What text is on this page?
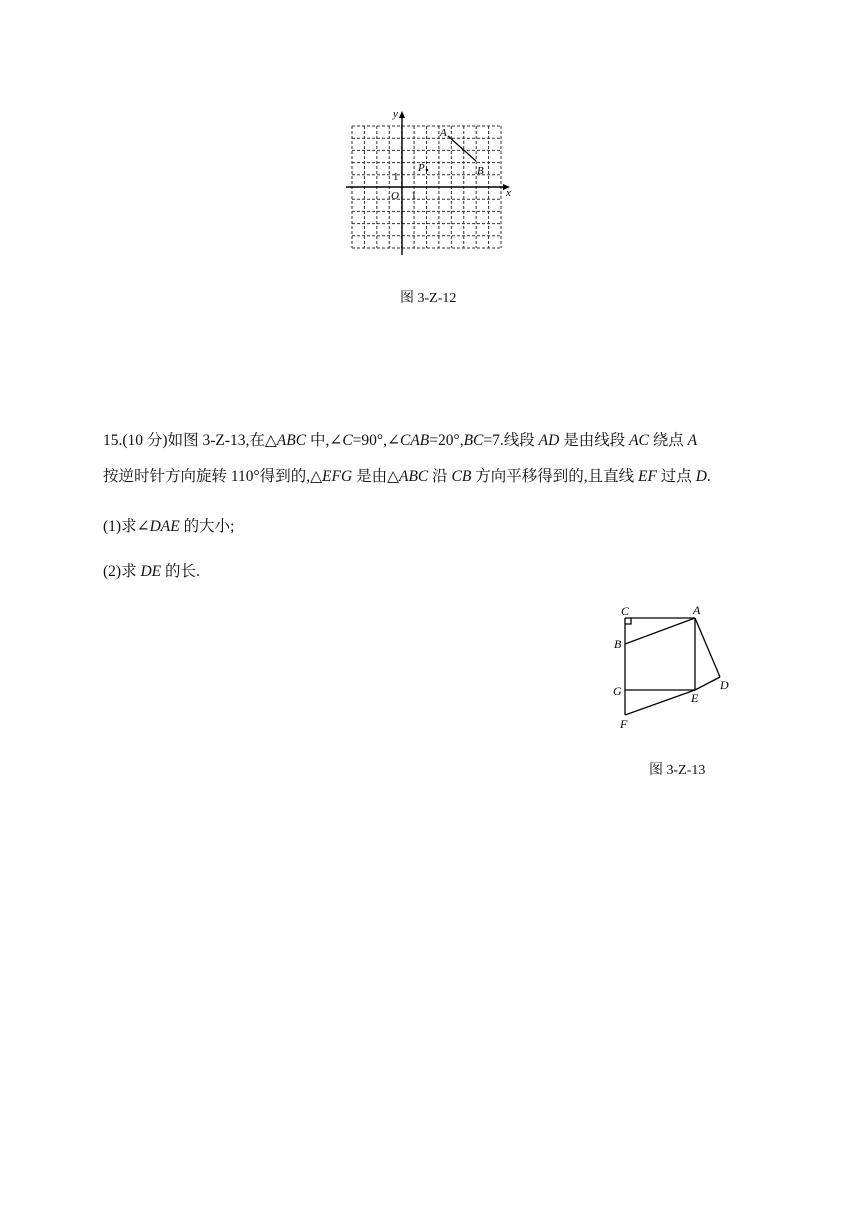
y
x
O 1
1
A
B
P
图 3-Z-12
15.(10 分)如图 3-Z-13,在△ABC 中,∠C=90°,∠CAB=20°,BC=7.线段 AD 是由线段 AC 绕点 A
按逆时针方向旋转 110°得到的,△EFG 是由△ABC 沿 CB 方向平移得到的,且直线 EF 过点 D.
(1)求∠DAE 的大小;
(2)求 DE 的长.
C	A
B
G	E
D
F
图 3-Z-13
